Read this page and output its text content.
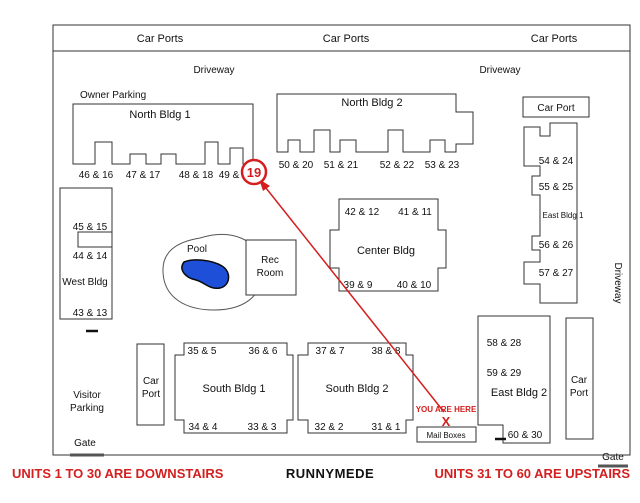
Car Ports	Car Ports	Car Ports
Driveway	Driveway
Owner Parking
North Bldg 1
46 & 16 47 & 17 48 & 18 49 &
North Bldg 2
50 & 20 51 & 21 52 & 22 53 & 23
Car Port
54 & 24
55 & 25
East Bldg 1
56 & 26
57 & 27	Driveway
Center Bldg
42 & 12 41 & 11
39 & 9 40 & 10
45 & 15
44 & 14
West Bldg
43 & 13
Rec
Room
Pool
Car
Port	South Bldg 1
35 & 5	36 & 6
34 & 4	33 & 3
South Bldg 2
37 & 7	38 & 8
32 & 2	31 & 1
58 & 28
59 & 29
East Bldg 2
60 & 30
Car
Port
Mail Boxes
Visitor
Parking
Gate
Gate
19
YOU ARE HERE
X
UNITS 1 TO 30 ARE DOWNSTAIRS	RUNNYMEDE	UNITS 31 TO 60 ARE UPSTAIRS
